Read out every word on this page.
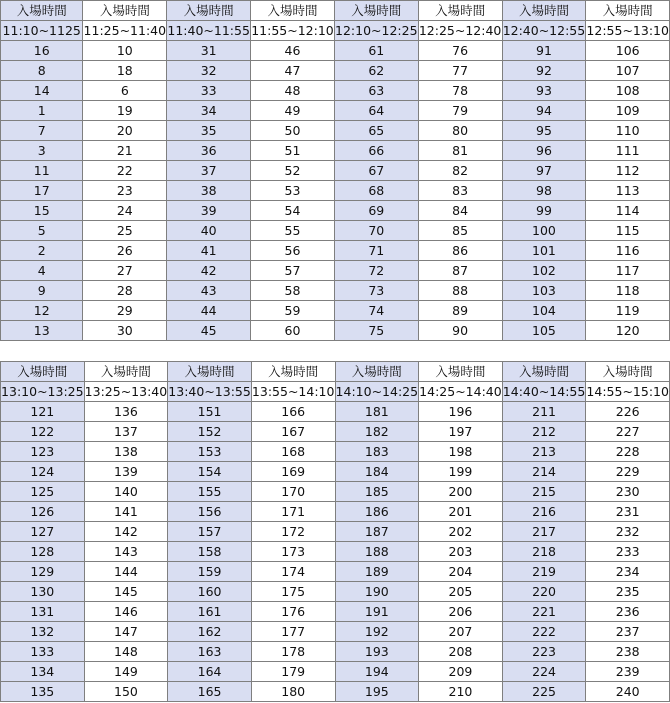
入場時間	入場時間	入場時間	入場時間	入場時間	入場時間	入場時間	入場時間
11:10~1125	11:25~11:40	11:40~11:55	11:55~12:10	12:10~12:25	12:25~12:40	12:40~12:55	12:55~13:10
16	10	31	46	61	76	91	106
8	18	32	47	62	77	92	107
14	6	33	48	63	78	93	108
1	19	34	49	64	79	94	109
7	20	35	50	65	80	95	110
3	21	36	51	66	81	96	111
11	22	37	52	67	82	97	112
17	23	38	53	68	83	98	113
15	24	39	54	69	84	99	114
5	25	40	55	70	85	100	115
2	26	41	56	71	86	101	116
4	27	42	57	72	87	102	117
9	28	43	58	73	88	103	118
12	29	44	59	74	89	104	119
13	30	45	60	75	90	105	120
入場時間	入場時間	入場時間	入場時間	入場時間	入場時間	入場時間	入場時間
13:10~13:25	13:25~13:40	13:40~13:55	13:55~14:10	14:10~14:25	14:25~14:40	14:40~14:55	14:55~15:10
121	136	151	166	181	196	211	226
122	137	152	167	182	197	212	227
123	138	153	168	183	198	213	228
124	139	154	169	184	199	214	229
125	140	155	170	185	200	215	230
126	141	156	171	186	201	216	231
127	142	157	172	187	202	217	232
128	143	158	173	188	203	218	233
129	144	159	174	189	204	219	234
130	145	160	175	190	205	220	235
131	146	161	176	191	206	221	236
132	147	162	177	192	207	222	237
133	148	163	178	193	208	223	238
134	149	164	179	194	209	224	239
135	150	165	180	195	210	225	240
